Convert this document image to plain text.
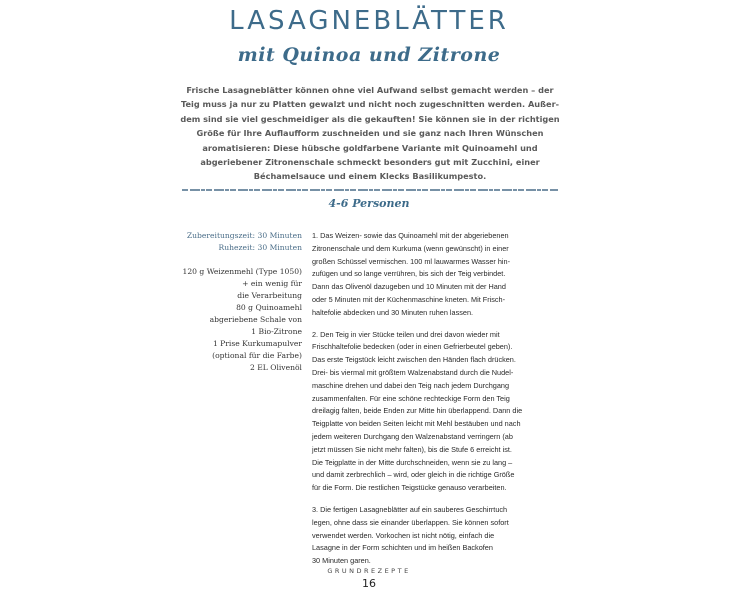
LASAGNEBLÄTTER
mit Quinoa und Zitrone
Frische Lasagneblätter können ohne viel Aufwand selbst gemacht werden – der
Teig muss ja nur zu Platten gewalzt und nicht noch zugeschnitten werden. Außer-
dem sind sie viel geschmeidiger als die gekauften! Sie können sie in der richtigen
Größe für Ihre Auflaufform zuschneiden und sie ganz nach Ihren Wünschen
aromatisieren: Diese hübsche goldfarbene Variante mit Quinoamehl und
abgeriebener Zitronenschale schmeckt besonders gut mit Zucchini, einer
Béchamelsauce und einem Klecks Basilikumpesto.
4-6 Personen
Zubereitungszeit: 30 Minuten
Ruhezeit: 30 Minuten
120 g Weizenmehl (Type 1050)
+ ein wenig für
die Verarbeitung
80 g Quinoamehl
abgeriebene Schale von
1 Bio-Zitrone
1 Prise Kurkumapulver
(optional für die Farbe)
2 EL Olivenöl

1. Das Weizen- sowie das Quinoamehl mit der abgeriebenen
Zitronenschale und dem Kurkuma (wenn gewünscht) in einer
großen Schüssel vermischen. 100 ml lauwarmes Wasser hin-
zufügen und so lange verrühren, bis sich der Teig verbindet.
Dann das Olivenöl dazugeben und 10 Minuten mit der Hand
oder 5 Minuten mit der Küchenmaschine kneten. Mit Frisch-
haltefolie abdecken und 30 Minuten ruhen lassen.

2. Den Teig in vier Stücke teilen und drei davon wieder mit
Frischhaltefolie bedecken (oder in einen Gefrierbeutel geben).
Das erste Teigstück leicht zwischen den Händen flach drücken.
Drei- bis viermal mit größtem Walzenabstand durch die Nudel-
maschine drehen und dabei den Teig nach jedem Durchgang
zusammenfalten. Für eine schöne rechteckige Form den Teig
dreilagig falten, beide Enden zur Mitte hin überlappend. Dann die
Teigplatte von beiden Seiten leicht mit Mehl bestäuben und nach
jedem weiteren Durchgang den Walzenabstand verringern (ab
jetzt müssen Sie nicht mehr falten), bis die Stufe 6 erreicht ist.
Die Teigplatte in der Mitte durchschneiden, wenn sie zu lang –
und damit zerbrechlich – wird, oder gleich in die richtige Größe
für die Form. Die restlichen Teigstücke genauso verarbeiten.

3. Die fertigen Lasagneblätter auf ein sauberes Geschirrtuch
legen, ohne dass sie einander überlappen. Sie können sofort
verwendet werden. Vorkochen ist nicht nötig, einfach die
Lasagne in der Form schichten und im heißen Backofen
30 Minuten garen.

GRUNDREZEPTE
16
